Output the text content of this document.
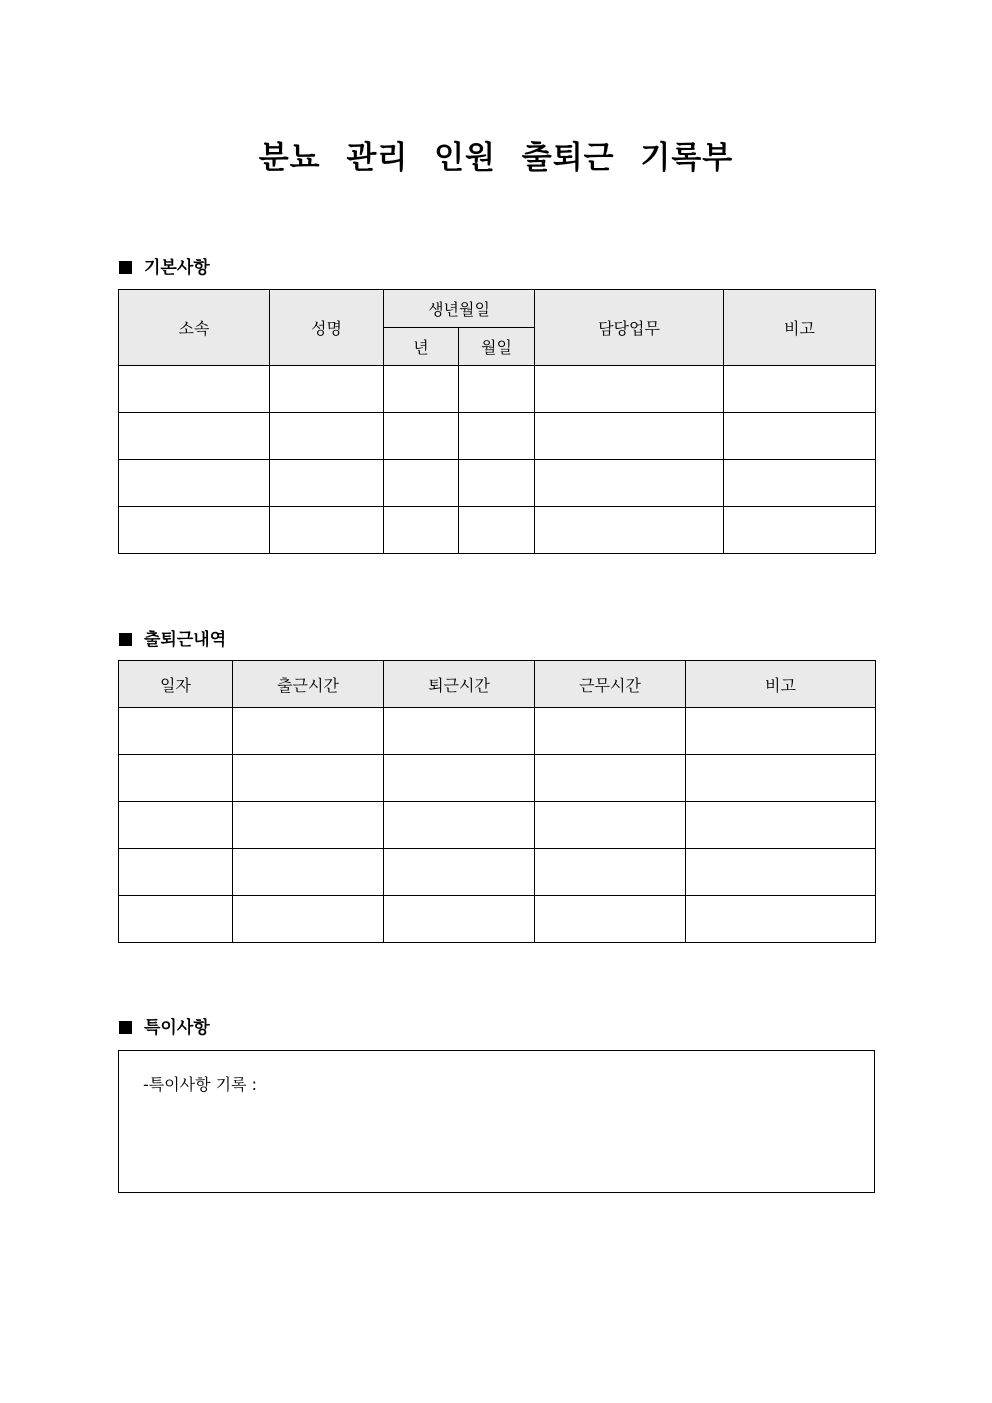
분뇨 관리 인원 출퇴근 기록부
기본사항
소속	성명	생년월일		담당업무	비고
		년	월일		

출퇴근내역
일자	출근시간	퇴근시간	근무시간	비고

특이사항
-특이사항 기록 :
